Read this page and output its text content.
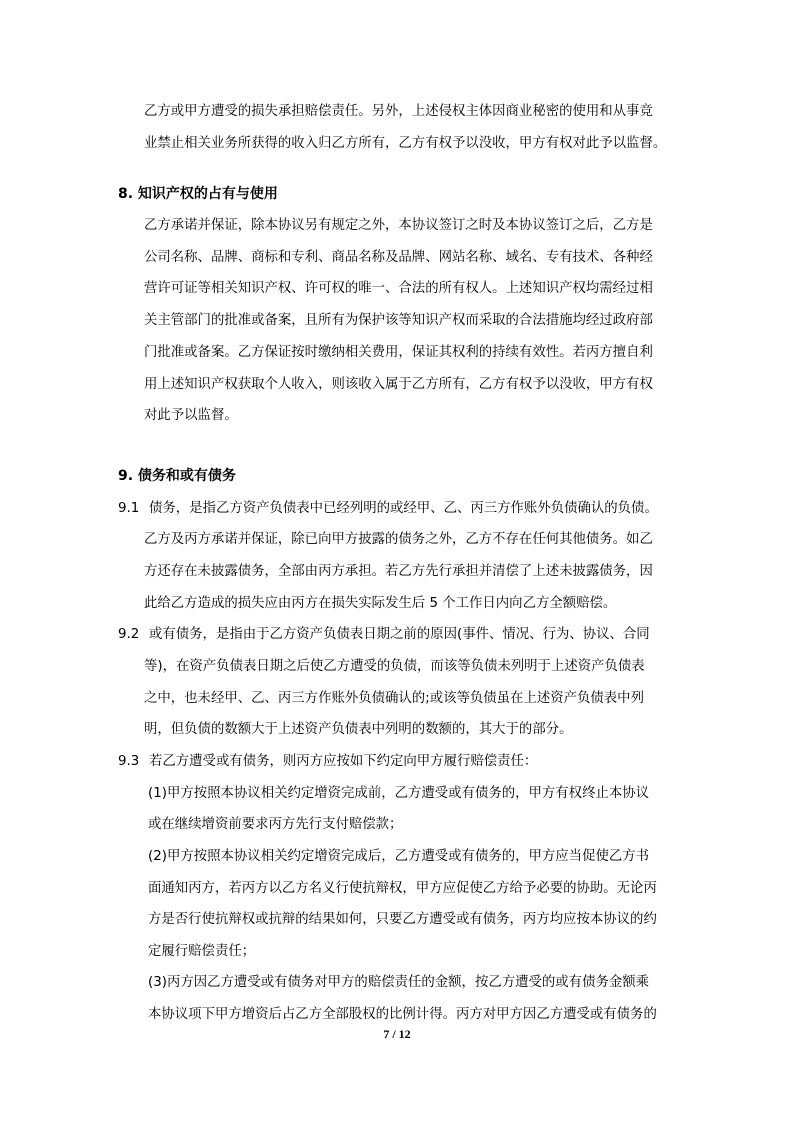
乙方或甲方遭受的损失承担赔偿责任。另外，上述侵权主体因商业秘密的使用和从事竞
业禁止相关业务所获得的收入归乙方所有，乙方有权予以没收，甲方有权对此予以监督。
8. 知识产权的占有与使用
乙方承诺并保证，除本协议另有规定之外，本协议签订之时及本协议签订之后，乙方是
公司名称、品牌、商标和专利、商品名称及品牌、网站名称、域名、专有技术、各种经
营许可证等相关知识产权、许可权的唯一、合法的所有权人。上述知识产权均需经过相
关主管部门的批准或备案，且所有为保护该等知识产权而采取的合法措施均经过政府部
门批准或备案。乙方保证按时缴纳相关费用，保证其权利的持续有效性。若丙方擅自利
用上述知识产权获取个人收入，则该收入属于乙方所有，乙方有权予以没收，甲方有权
对此予以监督。
9. 债务和或有债务
9.1 债务，是指乙方资产负债表中已经列明的或经甲、乙、丙三方作账外负债确认的负债。
乙方及丙方承诺并保证，除已向甲方披露的债务之外，乙方不存在任何其他债务。如乙
方还存在未披露债务，全部由丙方承担。若乙方先行承担并清偿了上述未披露债务，因
此给乙方造成的损失应由丙方在损失实际发生后 5 个工作日内向乙方全额赔偿。
9.2 或有债务，是指由于乙方资产负债表日期之前的原因(事件、情况、行为、协议、合同
等)，在资产负债表日期之后使乙方遭受的负债，而该等负债未列明于上述资产负债表
之中，也未经甲、乙、丙三方作账外负债确认的;或该等负债虽在上述资产负债表中列
明，但负债的数额大于上述资产负债表中列明的数额的，其大于的部分。
9.3 若乙方遭受或有债务，则丙方应按如下约定向甲方履行赔偿责任：
(1)甲方按照本协议相关约定增资完成前，乙方遭受或有债务的，甲方有权终止本协议
或在继续增资前要求丙方先行支付赔偿款；
(2)甲方按照本协议相关约定增资完成后，乙方遭受或有债务的，甲方应当促使乙方书
面通知丙方，若丙方以乙方名义行使抗辩权，甲方应促使乙方给予必要的协助。无论丙
方是否行使抗辩权或抗辩的结果如何，只要乙方遭受或有债务，丙方均应按本协议的约
定履行赔偿责任；
(3)丙方因乙方遭受或有债务对甲方的赔偿责任的金额，按乙方遭受的或有债务金额乘
本协议项下甲方增资后占乙方全部股权的比例计得。丙方对甲方因乙方遭受或有债务的
7 / 12
